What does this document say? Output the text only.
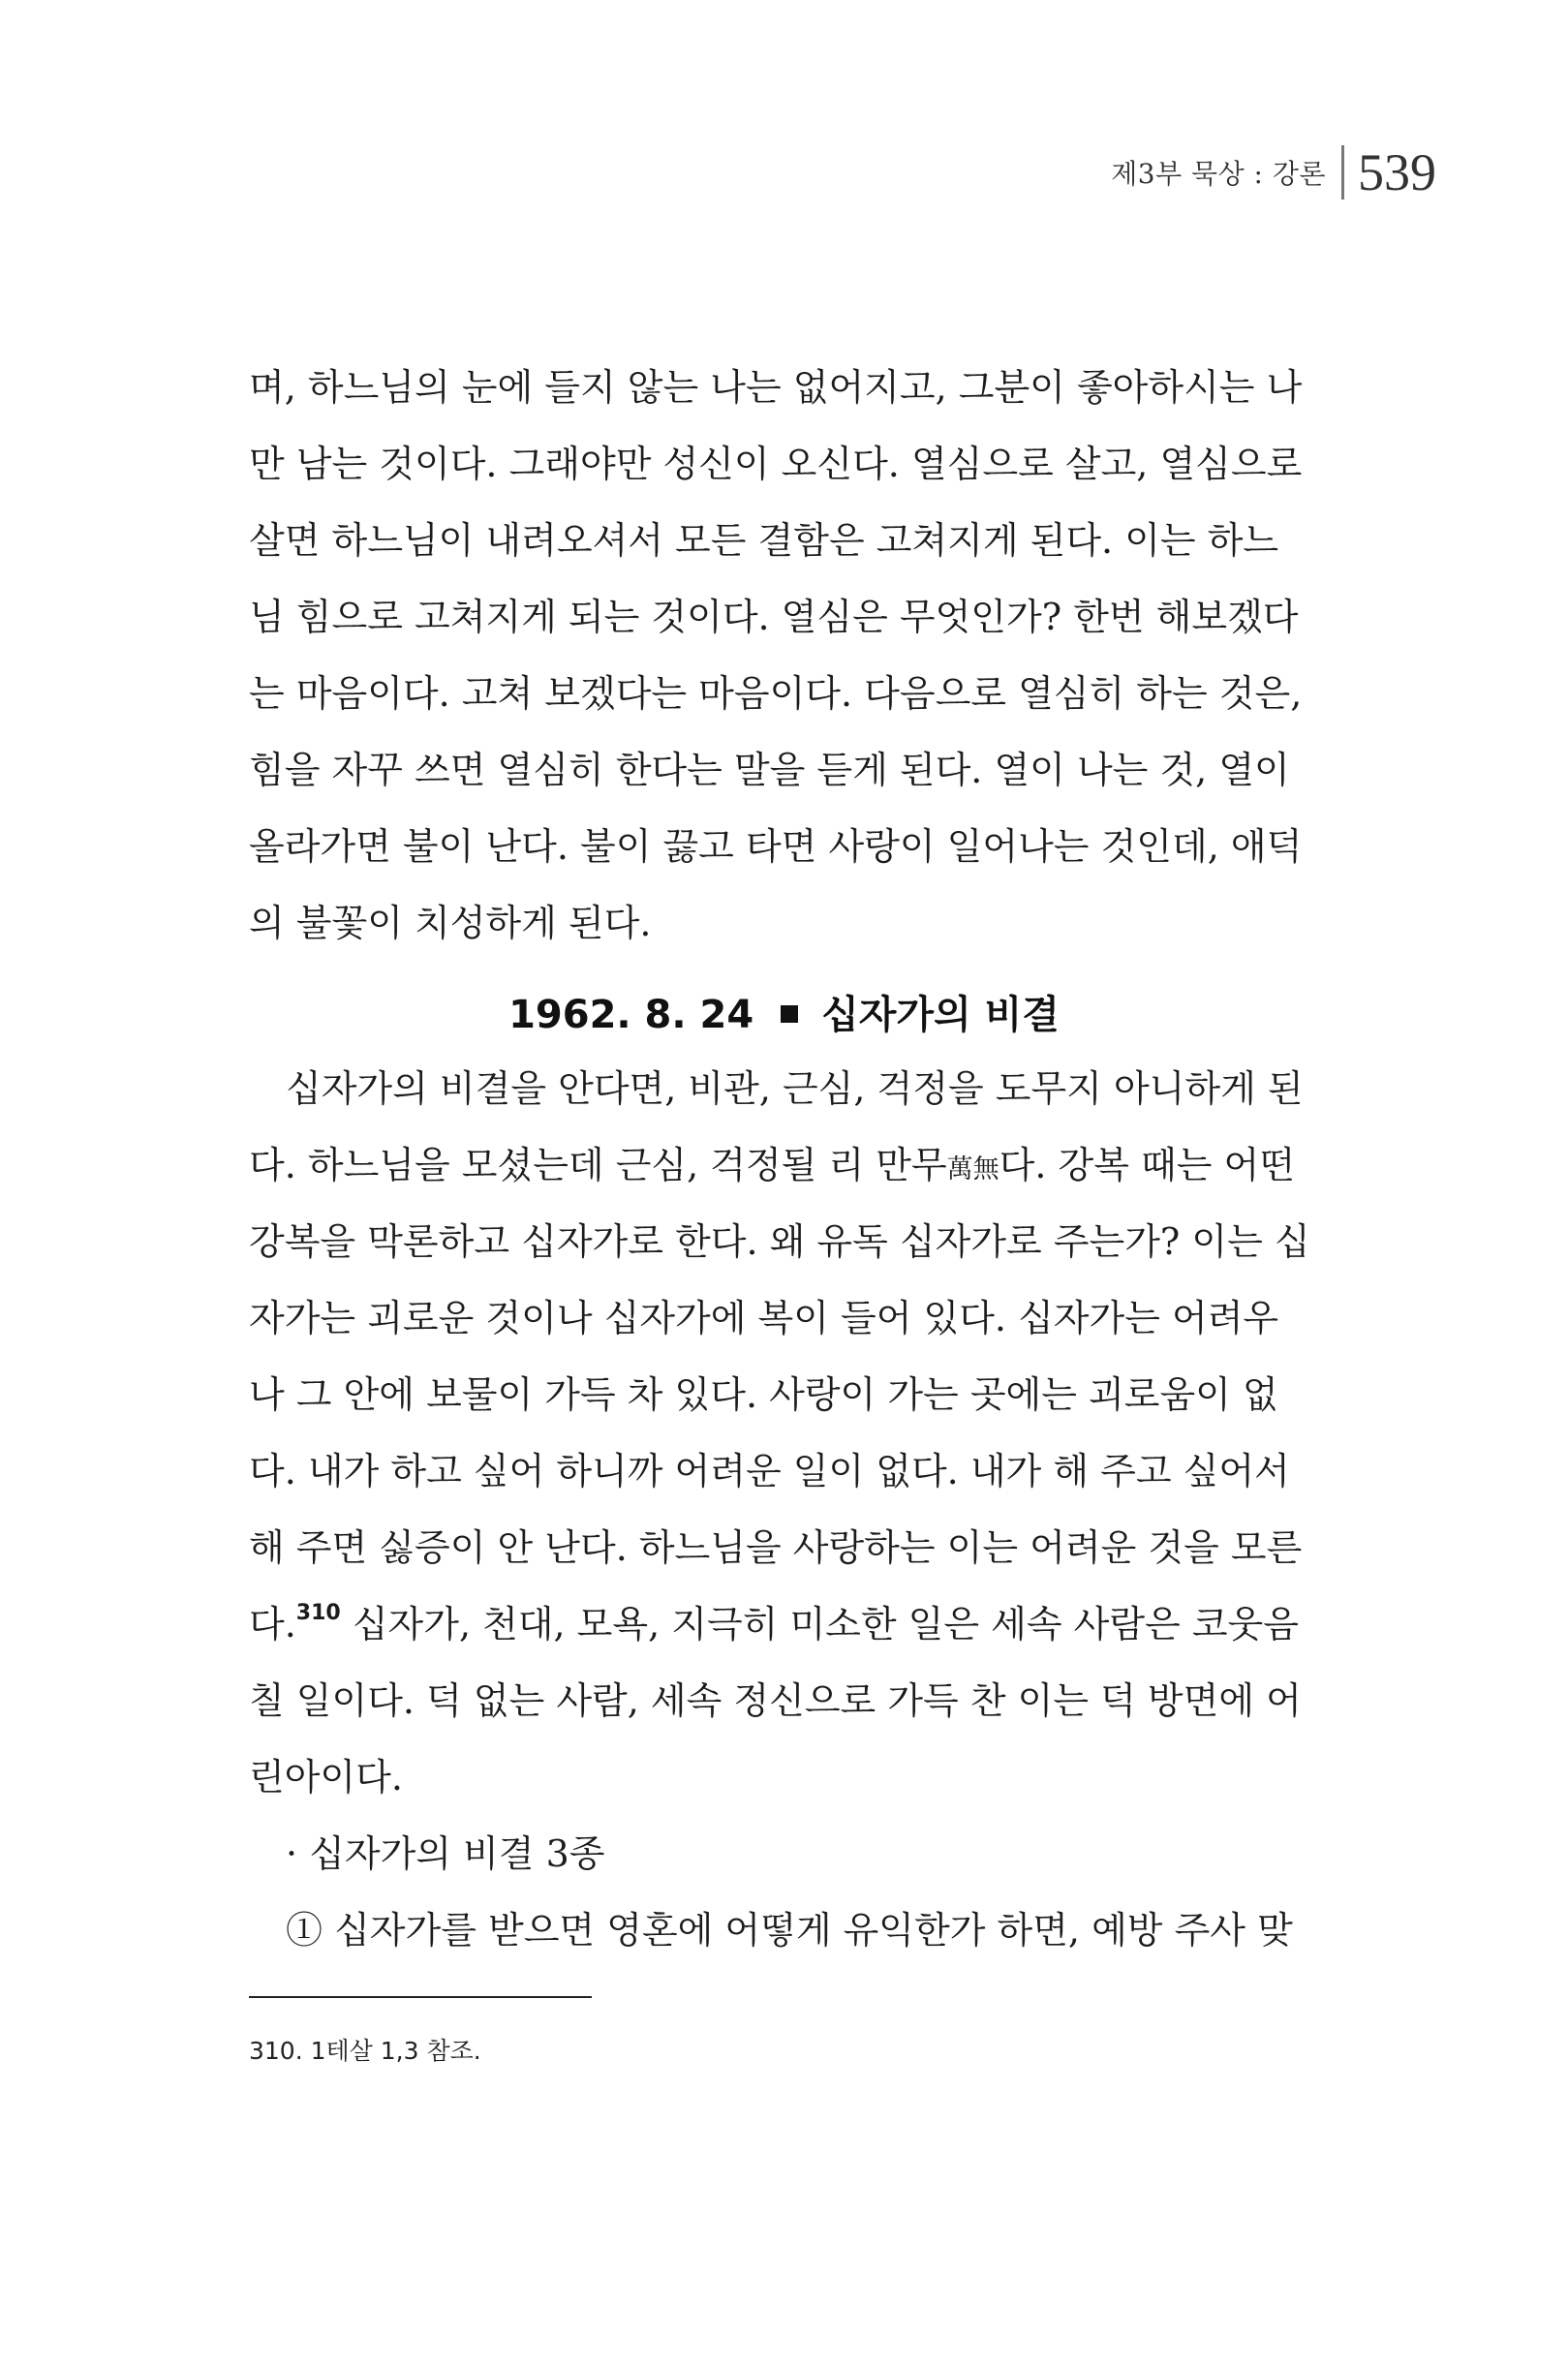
제3부 묵상 : 강론 539
며, 하느님의 눈에 들지 않는 나는 없어지고, 그분이 좋아하시는 나
만 남는 것이다. 그래야만 성신이 오신다. 열심으로 살고, 열심으로
살면 하느님이 내려오셔서 모든 결함은 고쳐지게 된다. 이는 하느
님 힘으로 고쳐지게 되는 것이다. 열심은 무엇인가? 한번 해보겠다
는 마음이다. 고쳐 보겠다는 마음이다. 다음으로 열심히 하는 것은,
힘을 자꾸 쓰면 열심히 한다는 말을 듣게 된다. 열이 나는 것, 열이
올라가면 불이 난다. 불이 끓고 타면 사랑이 일어나는 것인데, 애덕
의 불꽃이 치성하게 된다.
1962. 8. 24 십자가의 비결
십자가의 비결을 안다면, 비관, 근심, 걱정을 도무지 아니하게 된
다. 하느님을 모셨는데 근심, 걱정될 리 만무萬無다. 강복 때는 어떤
강복을 막론하고 십자가로 한다. 왜 유독 십자가로 주는가? 이는 십
자가는 괴로운 것이나 십자가에 복이 들어 있다. 십자가는 어려우
나 그 안에 보물이 가득 차 있다. 사랑이 가는 곳에는 괴로움이 없
다. 내가 하고 싶어 하니까 어려운 일이 없다. 내가 해 주고 싶어서
해 주면 싫증이 안 난다. 하느님을 사랑하는 이는 어려운 것을 모른
다.$^{310}$ 십자가, 천대, 모욕, 지극히 미소한 일은 세속 사람은 코웃음
칠 일이다. 덕 없는 사람, 세속 정신으로 가득 찬 이는 덕 방면에 어
린아이다.
· 십자가의 비결 3종
① 십자가를 받으면 영혼에 어떻게 유익한가 하면, 예방 주사 맞
310. 1테살 1,3 참조.
